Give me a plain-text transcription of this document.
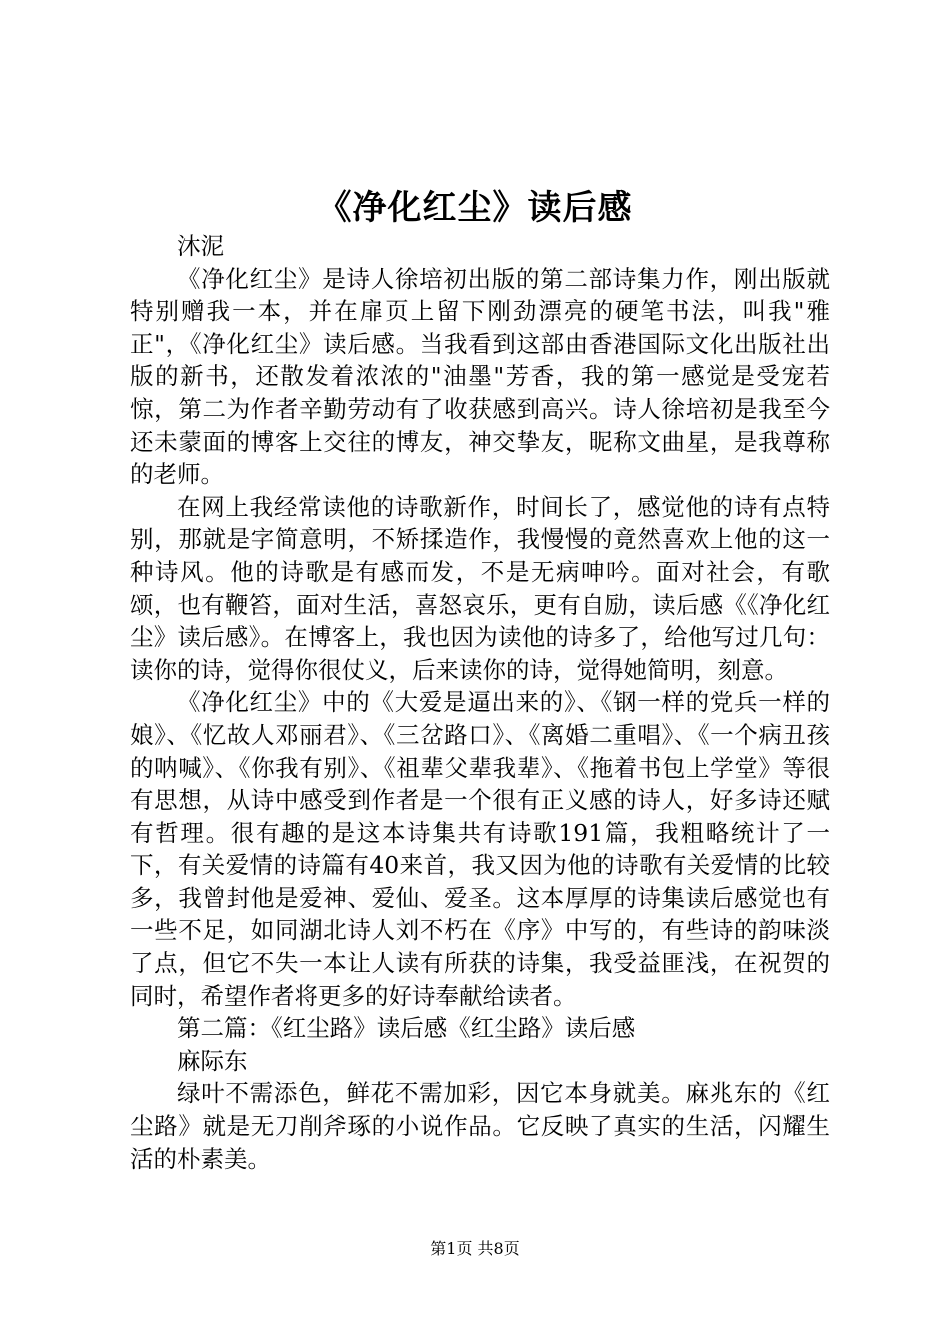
《净化红尘》读后感

沐泥

《净化红尘》是诗人徐培初出版的第二部诗集力作，刚出版就特别赠我一本，并在扉页上留下刚劲漂亮的硬笔书法，叫我"雅正"，《净化红尘》读后感。当我看到这部由香港国际文化出版社出版的新书，还散发着浓浓的"油墨"芳香，我的第一感觉是受宠若惊，第二为作者辛勤劳动有了收获感到高兴。诗人徐培初是我至今还未蒙面的博客上交往的博友，神交挚友，昵称文曲星，是我尊称的老师。

在网上我经常读他的诗歌新作，时间长了，感觉他的诗有点特别，那就是字简意明，不矫揉造作，我慢慢的竟然喜欢上他的这一种诗风。他的诗歌是有感而发，不是无病呻吟。面对社会，有歌颂，也有鞭笞，面对生活，喜怒哀乐，更有自励，读后感《《净化红尘》读后感》。在博客上，我也因为读他的诗多了，给他写过几句：读你的诗，觉得你很仗义，后来读你的诗，觉得她简明，刻意。

《净化红尘》中的《大爱是逼出来的》、《钢一样的党兵一样的娘》、《忆故人邓丽君》、《三岔路口》、《离婚二重唱》、《一个病丑孩的呐喊》、《你我有别》、《祖辈父辈我辈》、《拖着书包上学堂》等很有思想，从诗中感受到作者是一个很有正义感的诗人，好多诗还赋有哲理。很有趣的是这本诗集共有诗歌191篇，我粗略统计了一下，有关爱情的诗篇有40来首，我又因为他的诗歌有关爱情的比较多，我曾封他是爱神、爱仙、爱圣。这本厚厚的诗集读后感觉也有一些不足，如同湖北诗人刘不朽在《序》中写的，有些诗的韵味淡了点，但它不失一本让人读有所获的诗集，我受益匪浅，在祝贺的同时，希望作者将更多的好诗奉献给读者。

第二篇：《红尘路》读后感《红尘路》读后感

麻际东

绿叶不需添色，鲜花不需加彩，因它本身就美。麻兆东的《红尘路》就是无刀削斧琢的小说作品。它反映了真实的生活，闪耀生活的朴素美。

第1页 共8页
